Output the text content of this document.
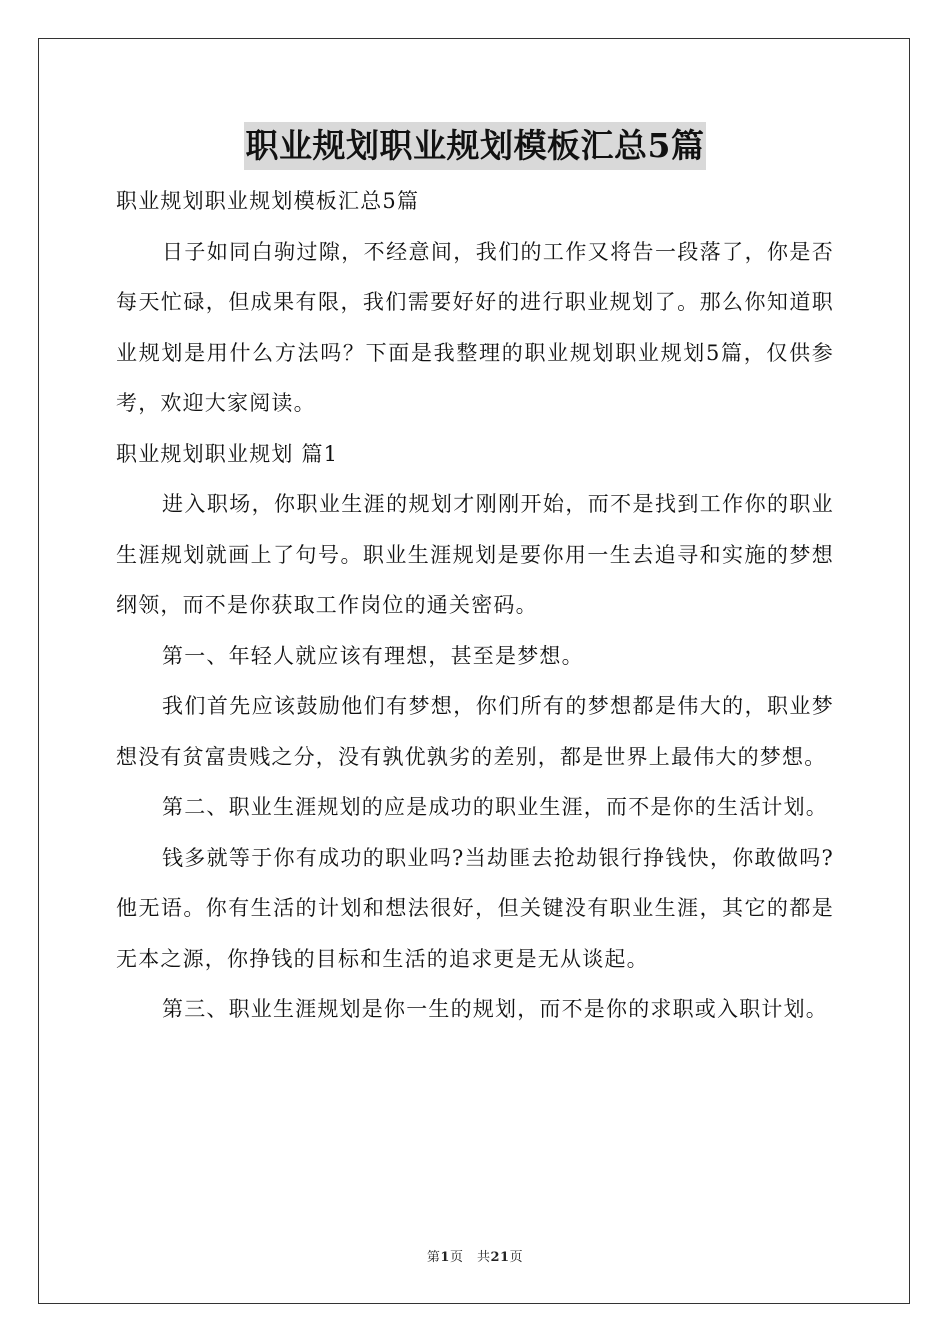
职业规划职业规划模板汇总5篇

职业规划职业规划模板汇总5篇

日子如同白驹过隙，不经意间，我们的工作又将告一段落了，你是否每天忙碌，但成果有限，我们需要好好的进行职业规划了。那么你知道职业规划是用什么方法吗？下面是我整理的职业规划职业规划5篇，仅供参考，欢迎大家阅读。

职业规划职业规划 篇1

进入职场，你职业生涯的规划才刚刚开始，而不是找到工作你的职业生涯规划就画上了句号。职业生涯规划是要你用一生去追寻和实施的梦想纲领，而不是你获取工作岗位的通关密码。

第一、年轻人就应该有理想，甚至是梦想。

我们首先应该鼓励他们有梦想，你们所有的梦想都是伟大的，职业梦想没有贫富贵贱之分，没有孰优孰劣的差别，都是世界上最伟大的梦想。

第二、职业生涯规划的应是成功的职业生涯，而不是你的生活计划。

钱多就等于你有成功的职业吗?当劫匪去抢劫银行挣钱快，你敢做吗?他无语。你有生活的计划和想法很好，但关键没有职业生涯，其它的都是无本之源，你挣钱的目标和生活的追求更是无从谈起。

第三、职业生涯规划是你一生的规划，而不是你的求职或入职计划。

第1页　共21页
